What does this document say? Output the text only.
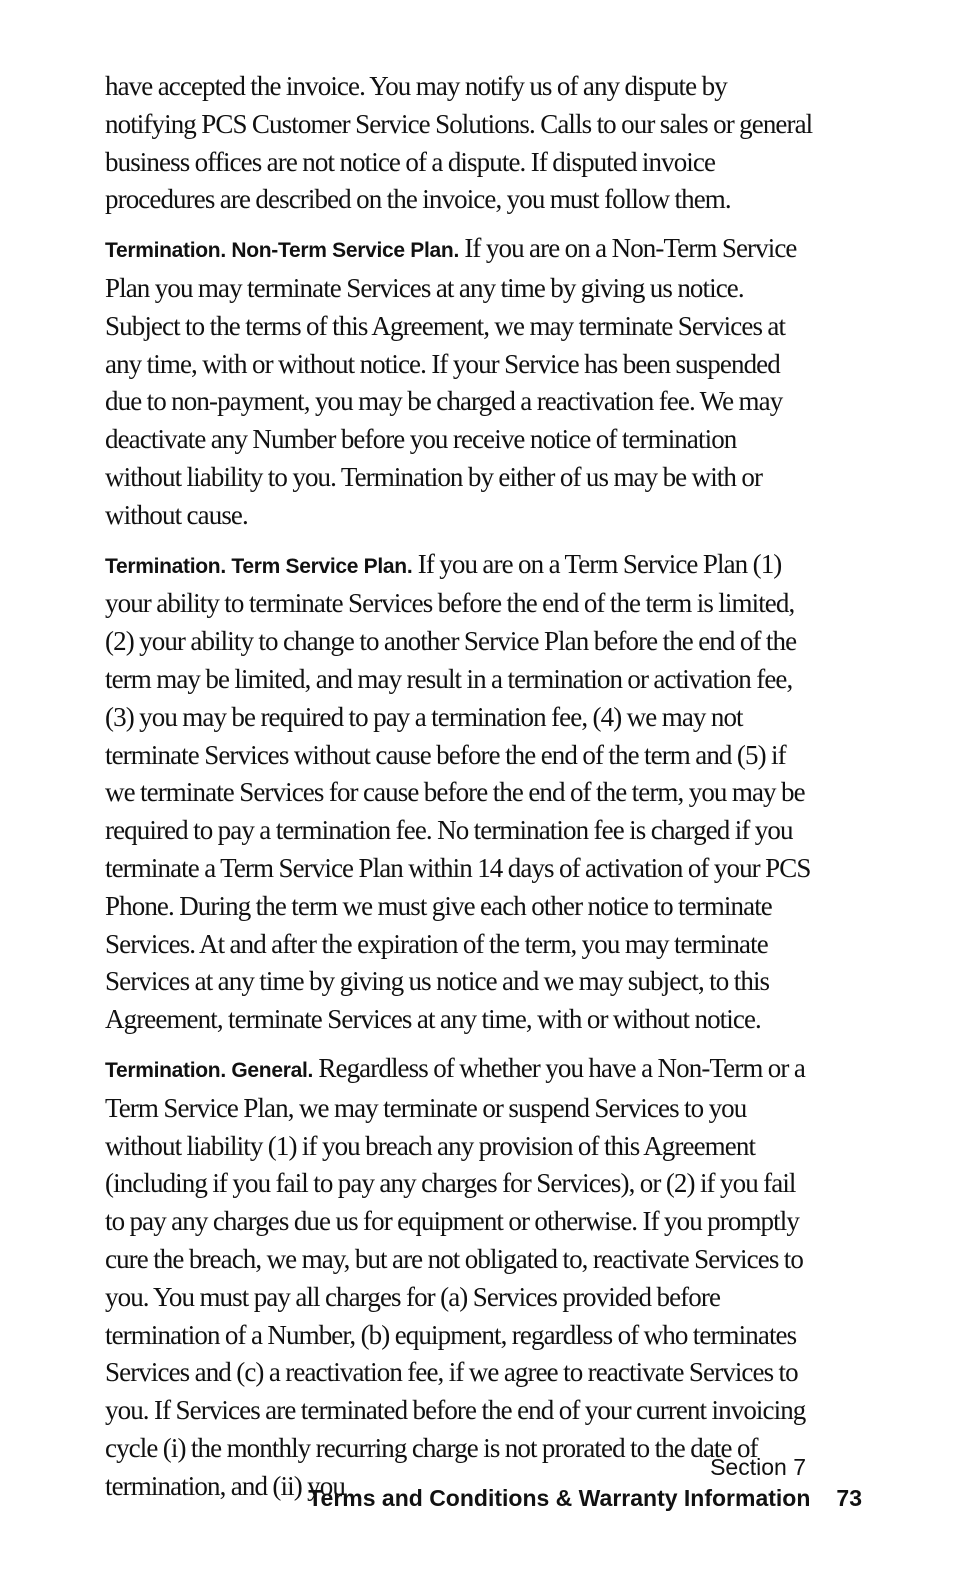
have accepted the invoice. You may notify us of any dispute by notifying PCS Customer Service Solutions. Calls to our sales or general business offices are not notice of a dispute. If disputed invoice procedures are described on the invoice, you must follow them.

Termination. Non-Term Service Plan. If you are on a Non-Term Service Plan you may terminate Services at any time by giving us notice. Subject to the terms of this Agreement, we may terminate Services at any time, with or without notice. If your Service has been suspended due to non-payment, you may be charged a reactivation fee. We may deactivate any Number before you receive notice of termination without liability to you. Termination by either of us may be with or without cause.

Termination. Term Service Plan. If you are on a Term Service Plan (1) your ability to terminate Services before the end of the term is limited, (2) your ability to change to another Service Plan before the end of the term may be limited, and may result in a termination or activation fee, (3) you may be required to pay a termination fee, (4) we may not terminate Services without cause before the end of the term and (5) if we terminate Services for cause before the end of the term, you may be required to pay a termination fee. No termination fee is charged if you terminate a Term Service Plan within 14 days of activation of your PCS Phone. During the term we must give each other notice to terminate Services. At and after the expiration of the term, you may terminate Services at any time by giving us notice and we may subject, to this Agreement, terminate Services at any time, with or without notice.

Termination. General. Regardless of whether you have a Non-Term or a Term Service Plan, we may terminate or suspend Services to you without liability (1) if you breach any provision of this Agreement (including if you fail to pay any charges for Services), or (2) if you fail to pay any charges due us for equipment or otherwise. If you promptly cure the breach, we may, but are not obligated to, reactivate Services to you. You must pay all charges for (a) Services provided before termination of a Number, (b) equipment, regardless of who terminates Services and (c) a reactivation fee, if we agree to reactivate Services to you. If Services are terminated before the end of your current invoicing cycle (i) the monthly recurring charge is not prorated to the date of termination, and (ii) you

Section 7
Terms and Conditions & Warranty Information 73
